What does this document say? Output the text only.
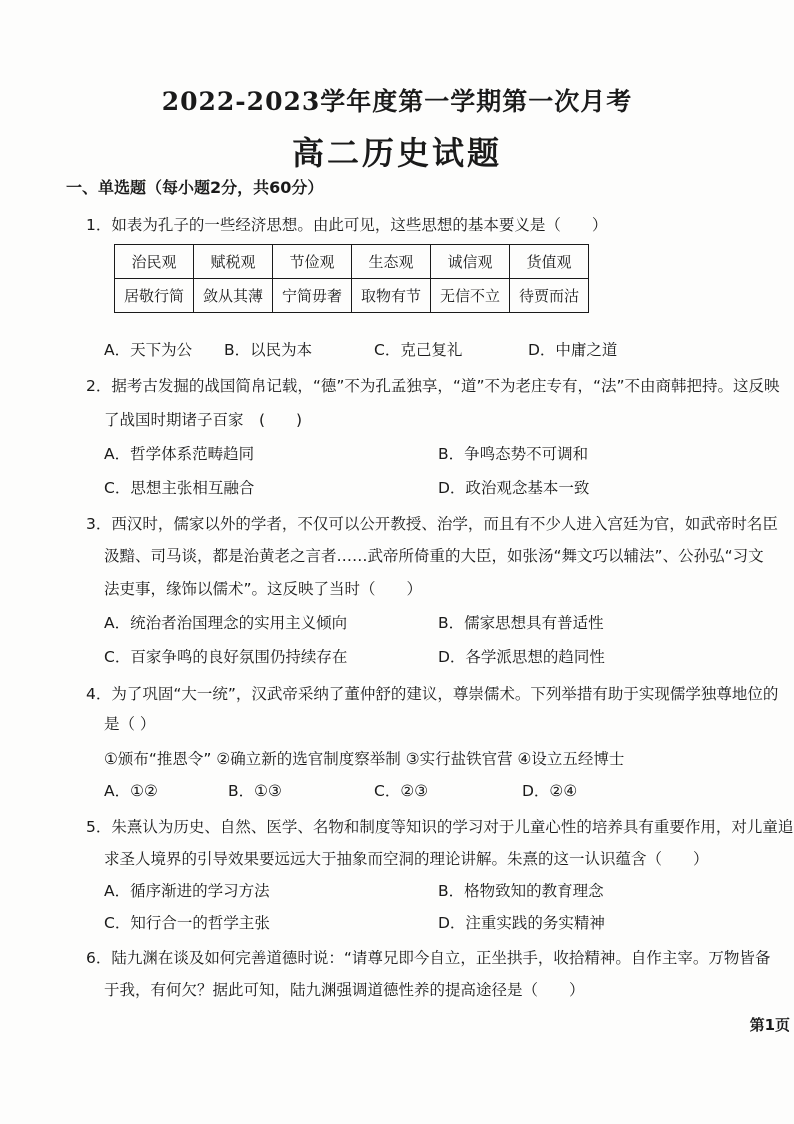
2022-2023学年度第一学期第一次月考
高二历史试题
一、单选题（每小题2分，共60分）
1．如表为孔子的一些经济思想。由此可见，这些思想的基本要义是（　　）
治民观	赋税观	节俭观	生态观	诚信观	货值观
居敬行简	敛从其薄	宁简毋奢	取物有节	无信不立	待贾而沽
A．天下为公 B．以民为本	C．克己复礼	D．中庸之道
2．据考古发掘的战国简帛记载，“德”不为孔孟独享，“道”不为老庄专有，“法”不由商韩把持。这反映
了战国时期诸子百家　(　　)
A．哲学体系范畴趋同	B．争鸣态势不可调和
C．思想主张相互融合	D．政治观念基本一致
3．西汉时，儒家以外的学者，不仅可以公开教授、治学，而且有不少人进入宫廷为官，如武帝时名臣
汲黯、司马谈，都是治黄老之言者……武帝所倚重的大臣，如张汤“舞文巧以辅法”、公孙弘“习文
法吏事，缘饰以儒术”。这反映了当时（　　）
A．统治者治国理念的实用主义倾向	B．儒家思想具有普适性
C．百家争鸣的良好氛围仍持续存在	D．各学派思想的趋同性
4．为了巩固“大一统”，汉武帝采纳了董仲舒的建议，尊崇儒术。下列举措有助于实现儒学独尊地位的
是（ ）
①颁布“推恩令” ②确立新的选官制度察举制 ③实行盐铁官营 ④设立五经博士
A．①②	B．①③	C．②③	D．②④
5．朱熹认为历史、自然、医学、名物和制度等知识的学习对于儿童心性的培养具有重要作用，对儿童追
求圣人境界的引导效果要远远大于抽象而空洞的理论讲解。朱熹的这一认识蕴含（　　）
A．循序渐进的学习方法	B．格物致知的教育理念
C．知行合一的哲学主张	D．注重实践的务实精神
6．陆九渊在谈及如何完善道德时说：“请尊兄即今自立，正坐拱手，收拾精神。自作主宰。万物皆备
于我，有何欠？据此可知，陆九渊强调道德性养的提高途径是（　　）
第1页
